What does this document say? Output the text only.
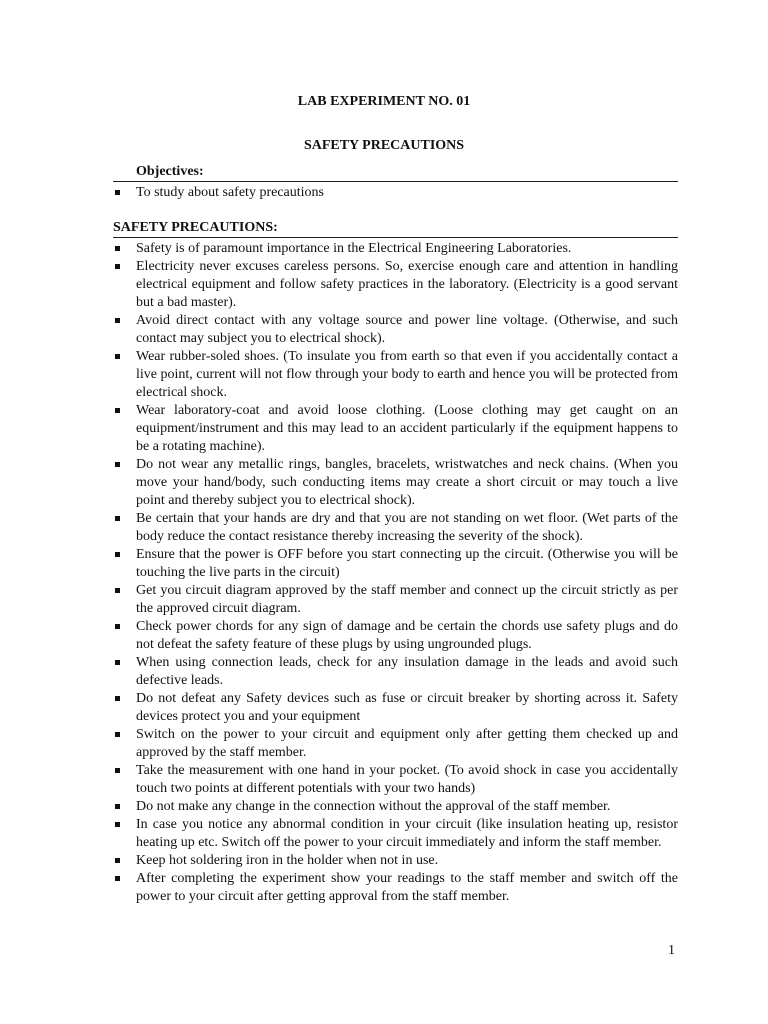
LAB EXPERIMENT NO. 01
SAFETY PRECAUTIONS
Objectives:
To study about safety precautions
SAFETY PRECAUTIONS:
Safety is of paramount importance in the Electrical Engineering Laboratories.
Electricity never excuses careless persons. So, exercise enough care and attention in handling electrical equipment and follow safety practices in the laboratory. (Electricity is a good servant but a bad master).
Avoid direct contact with any voltage source and power line voltage. (Otherwise, and such contact may subject you to electrical shock).
Wear rubber-soled shoes. (To insulate you from earth so that even if you accidentally contact a live point, current will not flow through your body to earth and hence you will be protected from electrical shock.
Wear laboratory-coat and avoid loose clothing. (Loose clothing may get caught on an equipment/instrument and this may lead to an accident particularly if the equipment happens to be a rotating machine).
Do not wear any metallic rings, bangles, bracelets, wristwatches and neck chains. (When you move your hand/body, such conducting items may create a short circuit or may touch a live point and thereby subject you to electrical shock).
Be certain that your hands are dry and that you are not standing on wet floor. (Wet parts of the body reduce the contact resistance thereby increasing the severity of the shock).
Ensure that the power is OFF before you start connecting up the circuit. (Otherwise you will be touching the live parts in the circuit)
Get you circuit diagram approved by the staff member and connect up the circuit strictly as per the approved circuit diagram.
Check power chords for any sign of damage and be certain the chords use safety plugs and do not defeat the safety feature of these plugs by using ungrounded plugs.
When using connection leads, check for any insulation damage in the leads and avoid such defective leads.
Do not defeat any Safety devices such as fuse or circuit breaker by shorting across it. Safety devices protect you and your equipment
Switch on the power to your circuit and equipment only after getting them checked up and approved by the staff member.
Take the measurement with one hand in your pocket. (To avoid shock in case you accidentally touch two points at different potentials with your two hands)
Do not make any change in the connection without the approval of the staff member.
In case you notice any abnormal condition in your circuit (like insulation heating up, resistor heating up etc. Switch off the power to your circuit immediately and inform the staff member.
Keep hot soldering iron in the holder when not in use.
After completing the experiment show your readings to the staff member and switch off the power to your circuit after getting approval from the staff member.

1
